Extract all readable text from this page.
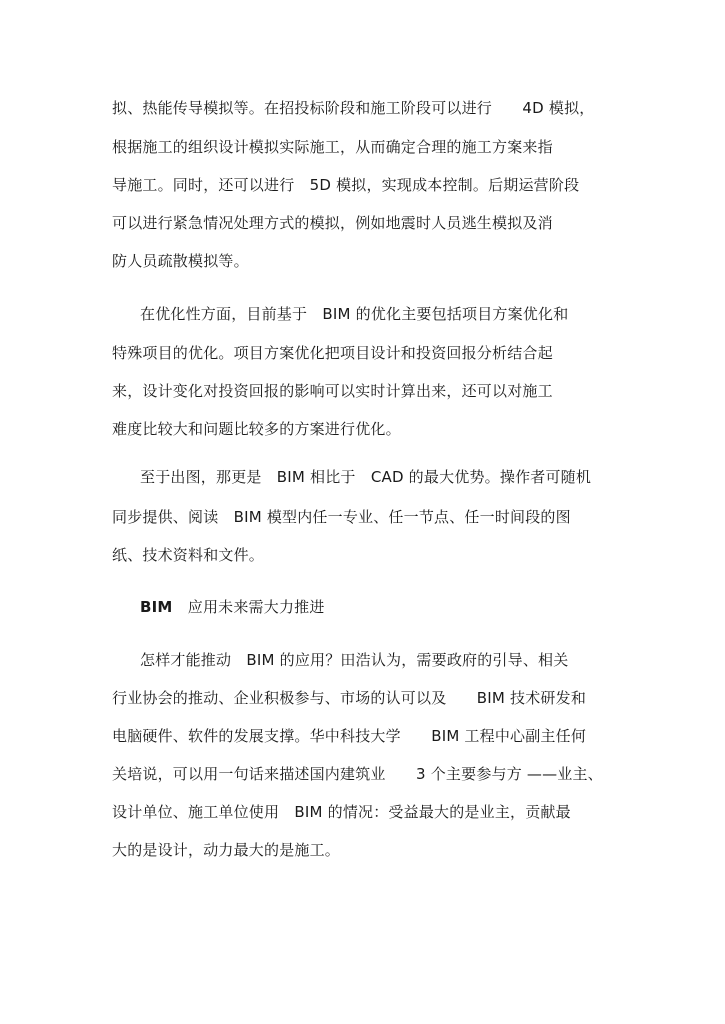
拟、热能传导模拟等。在招投标阶段和施工阶段可以进行　　4D 模拟，
根据施工的组织设计模拟实际施工，从而确定合理的施工方案来指
导施工。同时，还可以进行　5D 模拟，实现成本控制。后期运营阶段
可以进行紧急情况处理方式的模拟，例如地震时人员逃生模拟及消
防人员疏散模拟等。
在优化性方面，目前基于　BIM 的优化主要包括项目方案优化和
特殊项目的优化。项目方案优化把项目设计和投资回报分析结合起
来，设计变化对投资回报的影响可以实时计算出来，还可以对施工
难度比较大和问题比较多的方案进行优化。
至于出图，那更是　BIM 相比于　CAD 的最大优势。操作者可随机
同步提供、阅读　BIM 模型内任一专业、任一节点、任一时间段的图
纸、技术资料和文件。
BIM　应用未来需大力推进
怎样才能推动　BIM 的应用？田浩认为，需要政府的引导、相关
行业协会的推动、企业积极参与、市场的认可以及　　BIM 技术研发和
电脑硬件、软件的发展支撑。华中科技大学　　BIM 工程中心副主任何
关培说，可以用一句话来描述国内建筑业　　3 个主要参与方 ——业主、
设计单位、施工单位使用　BIM 的情况：受益最大的是业主，贡献最
大的是设计，动力最大的是施工。
